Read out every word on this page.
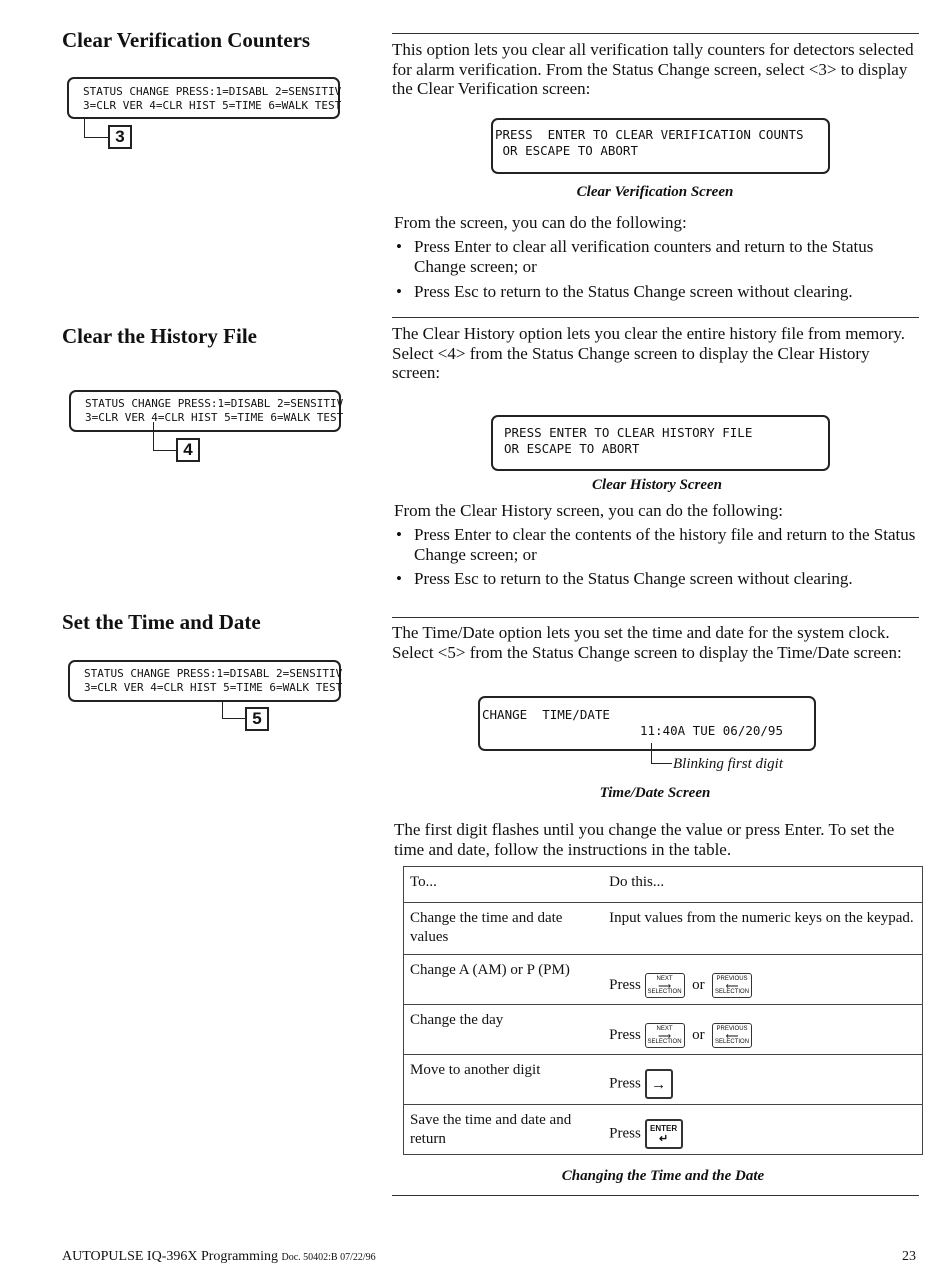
Clear Verification Counters
STATUS CHANGE PRESS:1=DISABL 2=SENSITIV
3=CLR VER 4=CLR HIST 5=TIME 6=WALK TEST
3

This option lets you clear all verification tally counters for detectors selected for alarm verification. From the Status Change screen, select <3> to display the Clear Verification screen:

PRESS  ENTER TO CLEAR VERIFICATION COUNTS
OR ESCAPE TO ABORT
Clear Verification Screen

From the screen, you can do the following:

• Press Enter to clear all verification counters and return to the Status Change screen; or
• Press Esc to return to the Status Change screen without clearing.
Clear the History File
STATUS CHANGE PRESS:1=DISABL 2=SENSITIV
3=CLR VER 4=CLR HIST 5=TIME 6=WALK TEST
4

The Clear History option lets you clear the entire history file from memory. Select <4> from the Status Change screen to display the Clear History screen:

PRESS ENTER TO CLEAR HISTORY FILE
OR ESCAPE TO ABORT
Clear History Screen

From the Clear History screen, you can do the following:

• Press Enter to clear the contents of the history file and return to the Status Change screen; or
• Press Esc to return to the Status Change screen without clearing.
Set the Time and Date
STATUS CHANGE PRESS:1=DISABL 2=SENSITIV
3=CLR VER 4=CLR HIST 5=TIME 6=WALK TEST
5

The Time/Date option lets you set the time and date for the system clock. Select <5> from the Status Change screen to display the Time/Date screen:

CHANGE  TIME/DATE
11:40A TUE 06/20/95
Blinking first digit
Time/Date Screen

The first digit flashes until you change the value or press Enter. To set the time and date, follow the instructions in the table.

To...	Do this...
Change the time and date values	Input values from the numeric keys on the keypad.
Change A (AM) or P (PM)	Press NEXT
⟶
SELECTION or PREVIOUS
⟵
SELECTION
Change the day	Press NEXT
⟶
SELECTION or PREVIOUS
⟵
SELECTION
Move to another digit	Press →
Save the time and date and return	Press ENTER
↵
Changing the Time and the Date
AUTOPULSE IQ-396X Programming Doc. 50402:B 07/22/96	23
